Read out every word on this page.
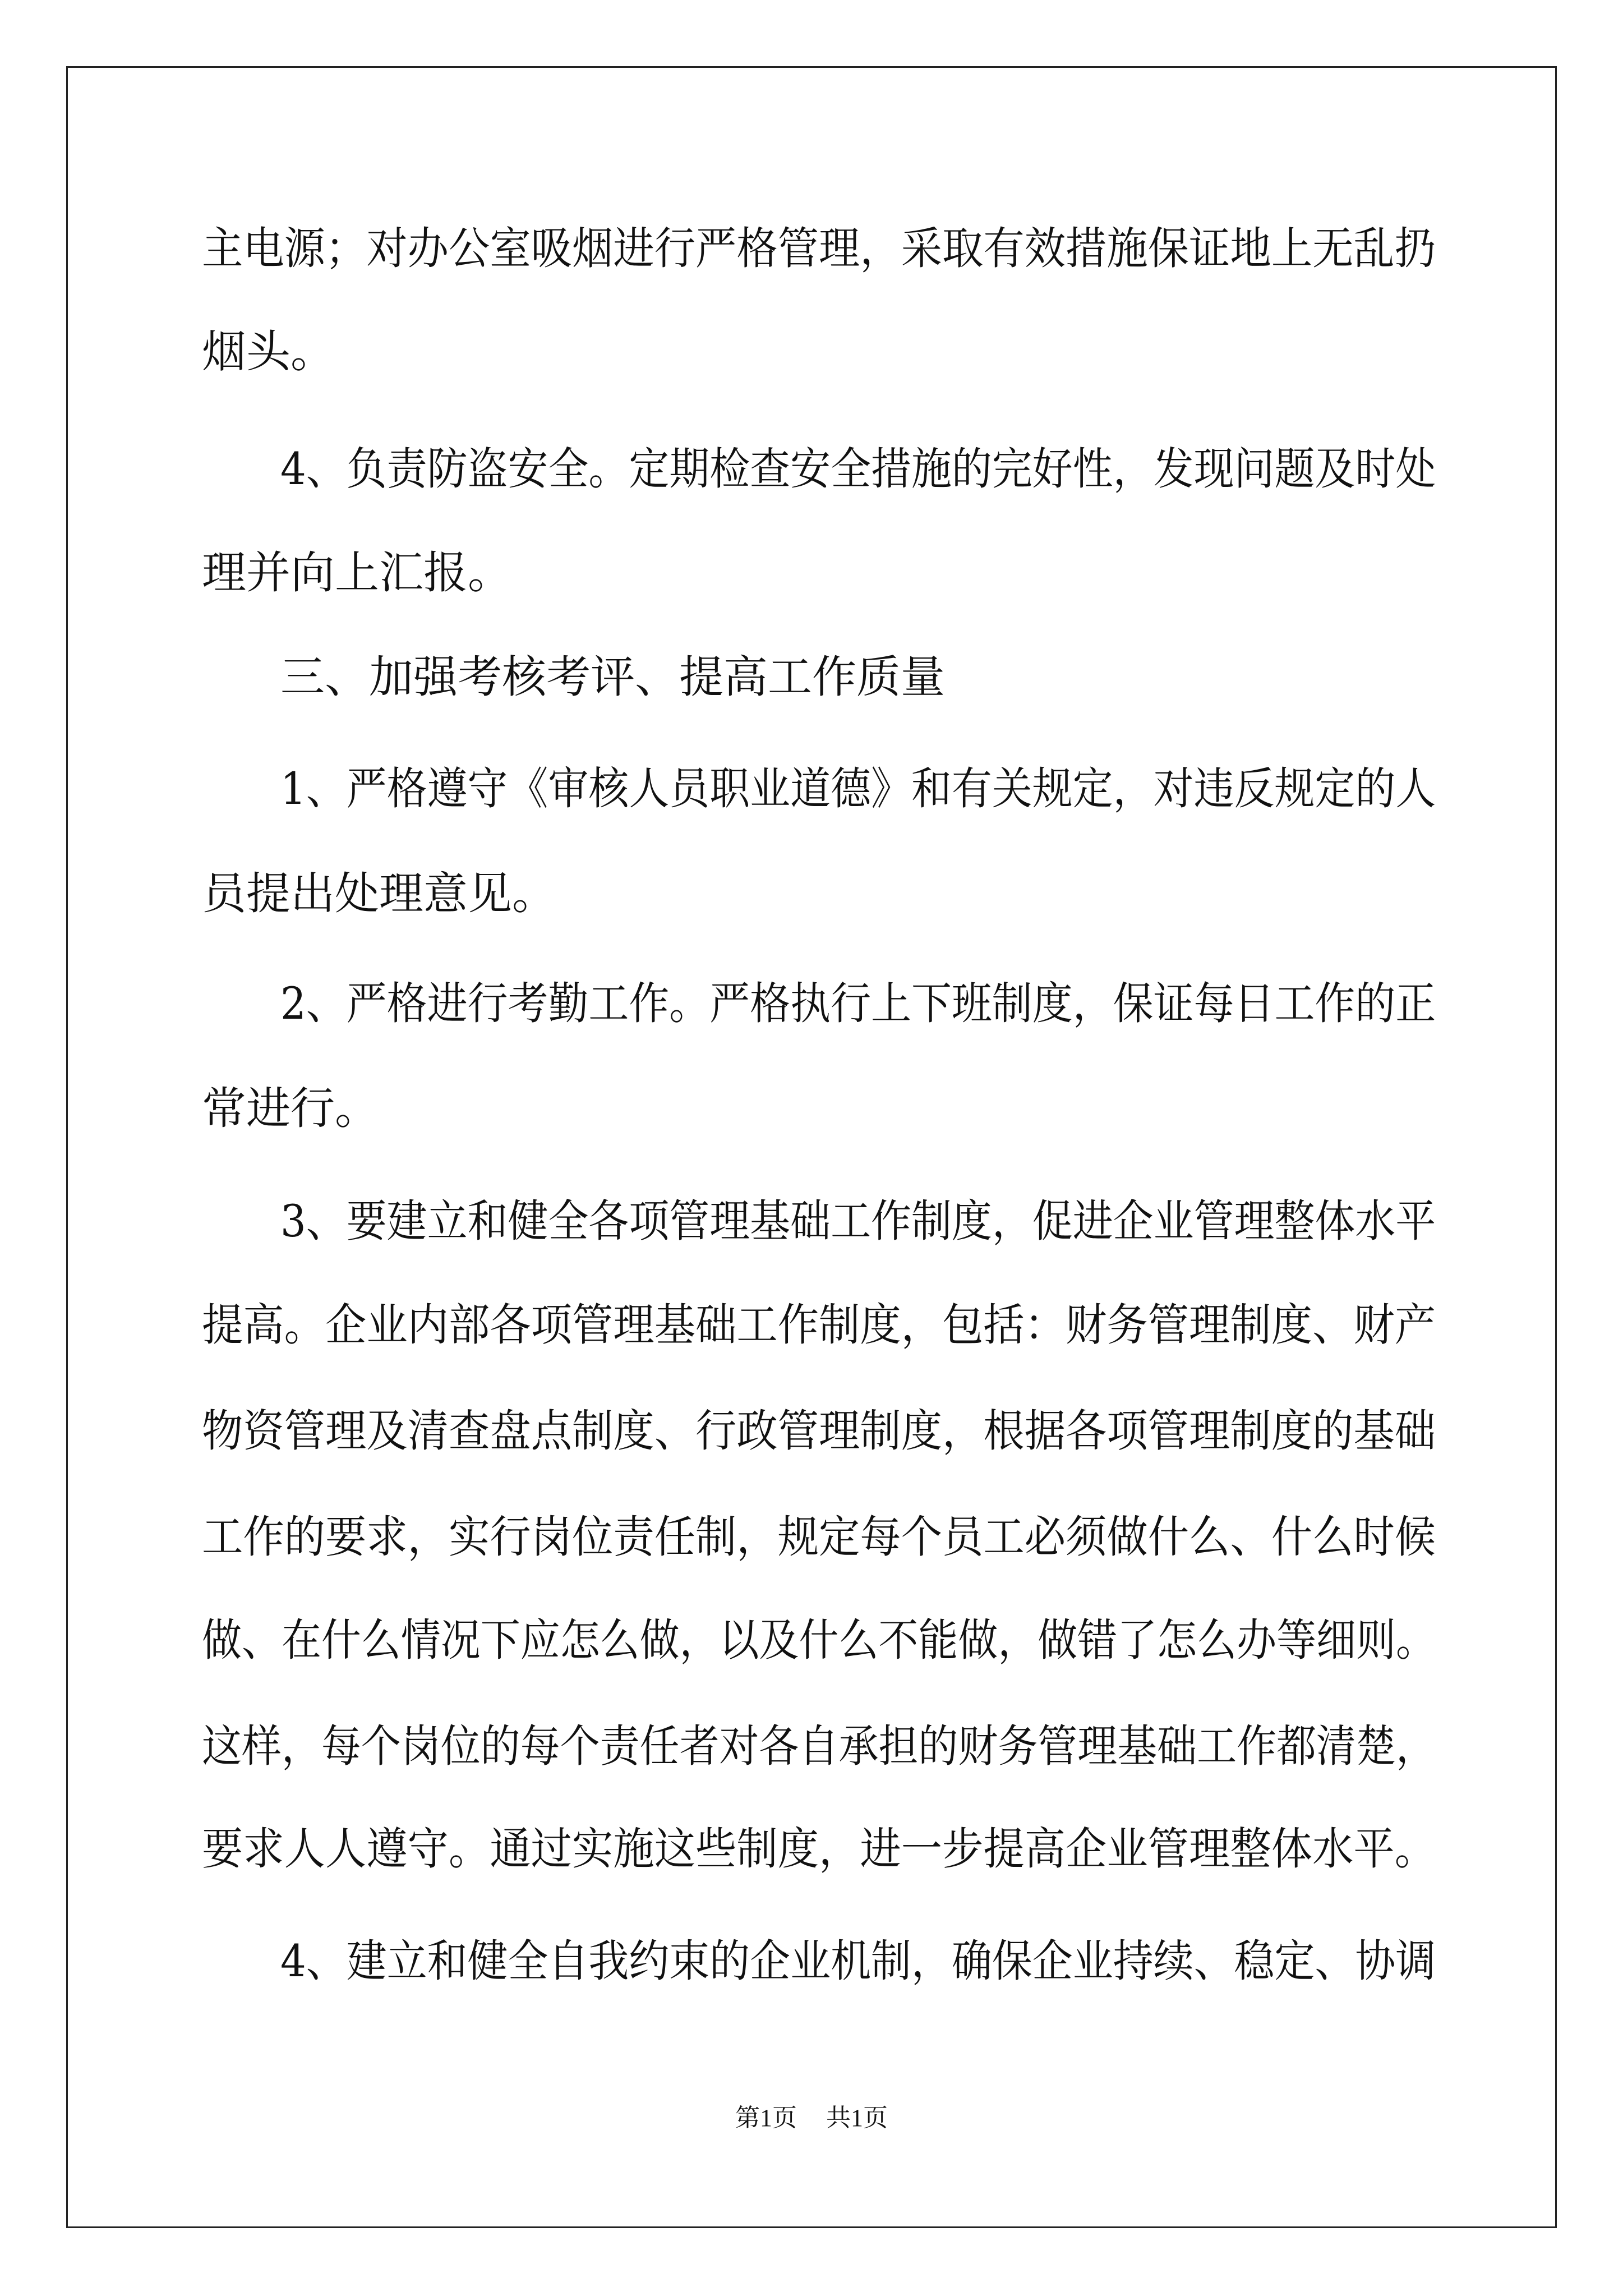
主电源；对办公室吸烟进行严格管理，采取有效措施保证地上无乱扔
烟头。
4、负责防盗安全。定期检查安全措施的完好性，发现问题及时处
理并向上汇报。
三、加强考核考评、提高工作质量
1、严格遵守《审核人员职业道德》和有关规定，对违反规定的人
员提出处理意见。
2、严格进行考勤工作。严格执行上下班制度，保证每日工作的正
常进行。
3、要建立和健全各项管理基础工作制度，促进企业管理整体水平
提高。企业内部各项管理基础工作制度，包括：财务管理制度、财产
物资管理及清查盘点制度、行政管理制度，根据各项管理制度的基础
工作的要求，实行岗位责任制，规定每个员工必须做什么、什么时候
做、在什么情况下应怎么做，以及什么不能做，做错了怎么办等细则。
这样，每个岗位的每个责任者对各自承担的财务管理基础工作都清楚，
要求人人遵守。通过实施这些制度，进一步提高企业管理整体水平。
4、建立和健全自我约束的企业机制，确保企业持续、稳定、协调
第1页 共1页
